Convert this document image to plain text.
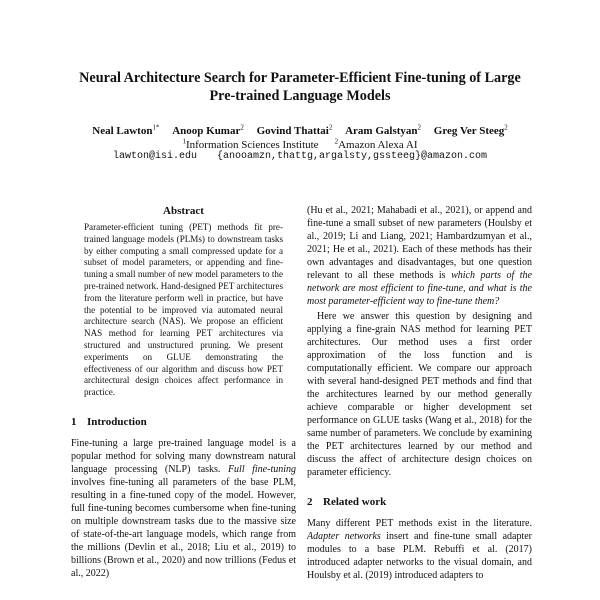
Neural Architecture Search for Parameter-Efficient Fine-tuning of Large
Pre-trained Language Models
Neal Lawton$^{1*}$ Anoop Kumar$^2$ Govind Thattai$^2$ Aram Galstyan$^2$ Greg Ver Steeg$^2$
$^1$Information Sciences Institute $^2$Amazon Alexa AI
lawton@isi.edu {anooamzn,thattg,argalsty,gssteeg}@amazon.com
Abstract

Parameter-efficient tuning (PET) methods fit pre-trained language models (PLMs) to downstream tasks by either computing a small compressed update for a subset of model parameters, or appending and fine-tuning a small number of new model parameters to the pre-trained network. Hand-designed PET architectures from the literature perform well in practice, but have the potential to be improved via automated neural architecture search (NAS). We propose an efficient NAS method for learning PET architectures via structured and unstructured pruning. We present experiments on GLUE demonstrating the effectiveness of our algorithm and discuss how PET architectural design choices affect performance in practice.

1 Introduction

Fine-tuning a large pre-trained language model is a popular method for solving many downstream natural language processing (NLP) tasks. Full fine-tuning involves fine-tuning all parameters of the base PLM, resulting in a fine-tuned copy of the model. However, full fine-tuning becomes cumbersome when fine-tuning on multiple downstream tasks due to the massive size of state-of-the-art language models, which range from the millions (Devlin et al., 2018; Liu et al., 2019) to billions (Brown et al., 2020) and now trillions (Fedus et al., 2022)

(Hu et al., 2021; Mahabadi et al., 2021), or append and fine-tune a small subset of new parameters (Houlsby et al., 2019; Li and Liang, 2021; Hambardzumyan et al., 2021; He et al., 2021). Each of these methods has their own advantages and disadvantages, but one question relevant to all these methods is which parts of the network are most efficient to fine-tune, and what is the most parameter-efficient way to fine-tune them?

Here we answer this question by designing and applying a fine-grain NAS method for learning PET architectures. Our method uses a first order approximation of the loss function and is computationally efficient. We compare our approach with several hand-designed PET methods and find that the architectures learned by our method generally achieve comparable or higher development set performance on GLUE tasks (Wang et al., 2018) for the same number of parameters. We conclude by examining the PET architectures learned by our method and discuss the affect of architecture design choices on parameter efficiency.

2 Related work

Many different PET methods exist in the literature. Adapter networks insert and fine-tune small adapter modules to a base PLM. Rebuffi et al. (2017) introduced adapter networks to the visual domain, and Houlsby et al. (2019) introduced adapters to
